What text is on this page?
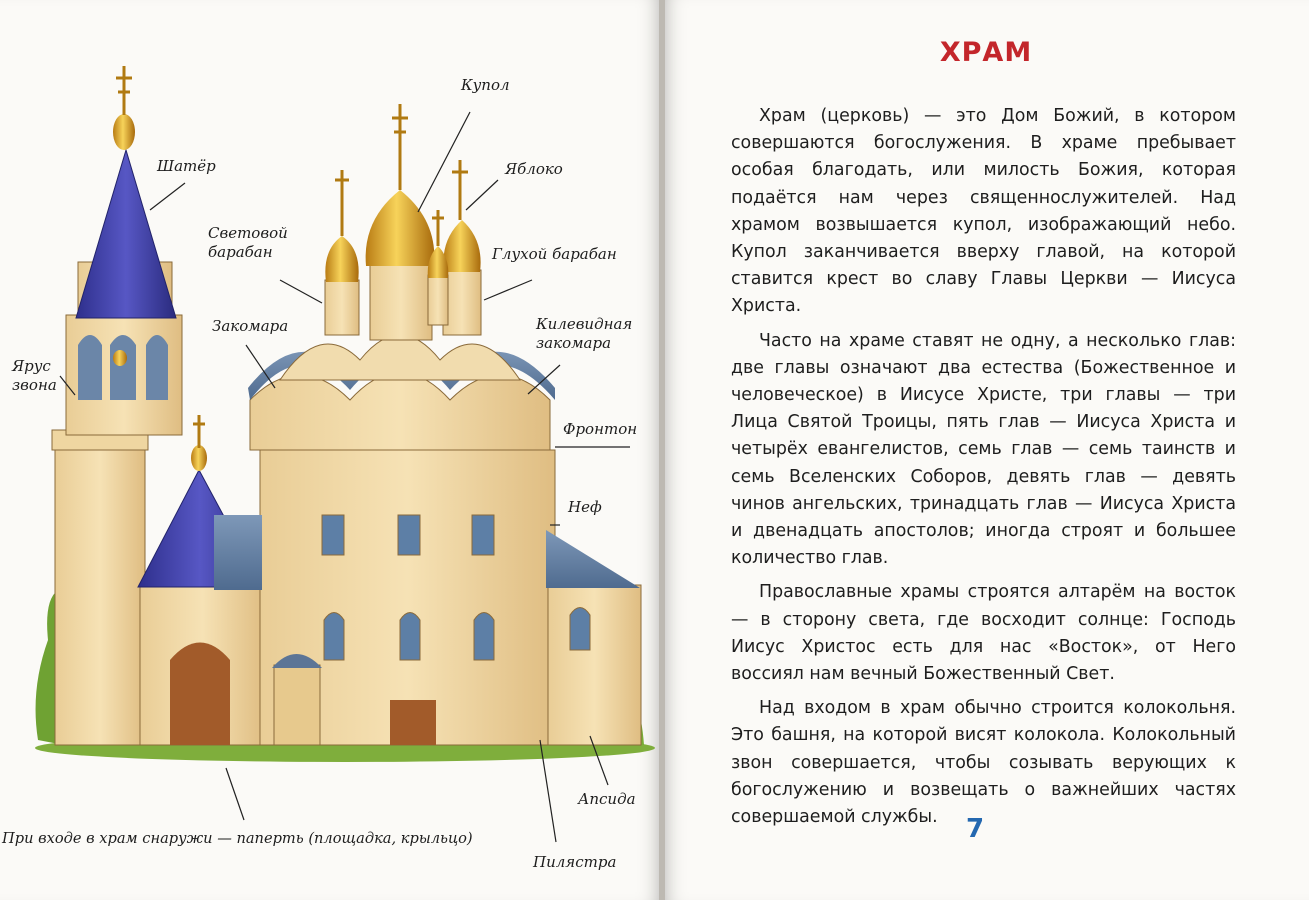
Шатёр
Купол
Яблоко
Световой барабан	Глухой барабан
Закомара	Килевидная закомара
Ярус звона
Фронтон
Неф
Апсида
Пилястра
При входе в храм снаружи — паперть (площадка, крыльцо)
ХРАМ

Храм (церковь) — это Дом Божий, в котором совершаются богослужения. В храме пребывает особая благодать, или милость Божия, которая подаётся нам через священнослужителей. Над храмом возвышается купол, изображающий небо. Купол заканчивается вверху главой, на которой ставится крест во славу Главы Церкви — Иисуса Христа.

Часто на храме ставят не одну, а несколько глав: две главы означают два естества (Божественное и человеческое) в Иисусе Христе, три главы — три Лица Святой Троицы, пять глав — Иисуса Христа и четырёх евангелистов, семь глав — семь таинств и семь Вселенских Соборов, девять глав — девять чинов ангельских, тринадцать глав — Иисуса Христа и двенадцать апостолов; иногда строят и большее количество глав.

Православные храмы строятся алтарём на восток — в сторону света, где восходит солнце: Господь Иисус Христос есть для нас «Восток», от Него воссиял нам вечный Божественный Свет.

Над входом в храм обычно строится колокольня. Это башня, на которой висят колокола. Колокольный звон совершается, чтобы созывать верующих к богослужению и возвещать о важнейших частях совершаемой службы.	7
